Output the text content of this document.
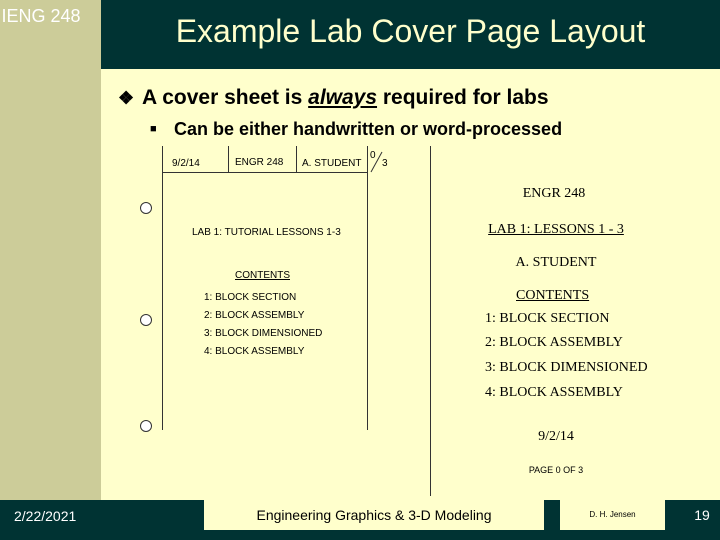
IENG 248	Example Lab Cover Page Layout
❖ A cover sheet is always required for labs
■ Can be either handwritten or word-processed
9/2/14	ENGR 248 A. STUDENT
0
3
LAB 1: TUTORIAL LESSONS 1-3
CONTENTS
1: BLOCK SECTION
2: BLOCK ASSEMBLY
3: BLOCK DIMENSIONED
4: BLOCK ASSEMBLY
ENGR 248
LAB 1: LESSONS 1 - 3
A. STUDENT
CONTENTS
1: BLOCK SECTION
2: BLOCK ASSEMBLY
3: BLOCK DIMENSIONED
4: BLOCK ASSEMBLY
9/2/14
PAGE 0 OF 3
2/22/2021	Engineering Graphics & 3-D Modeling	D. H. Jensen	19
